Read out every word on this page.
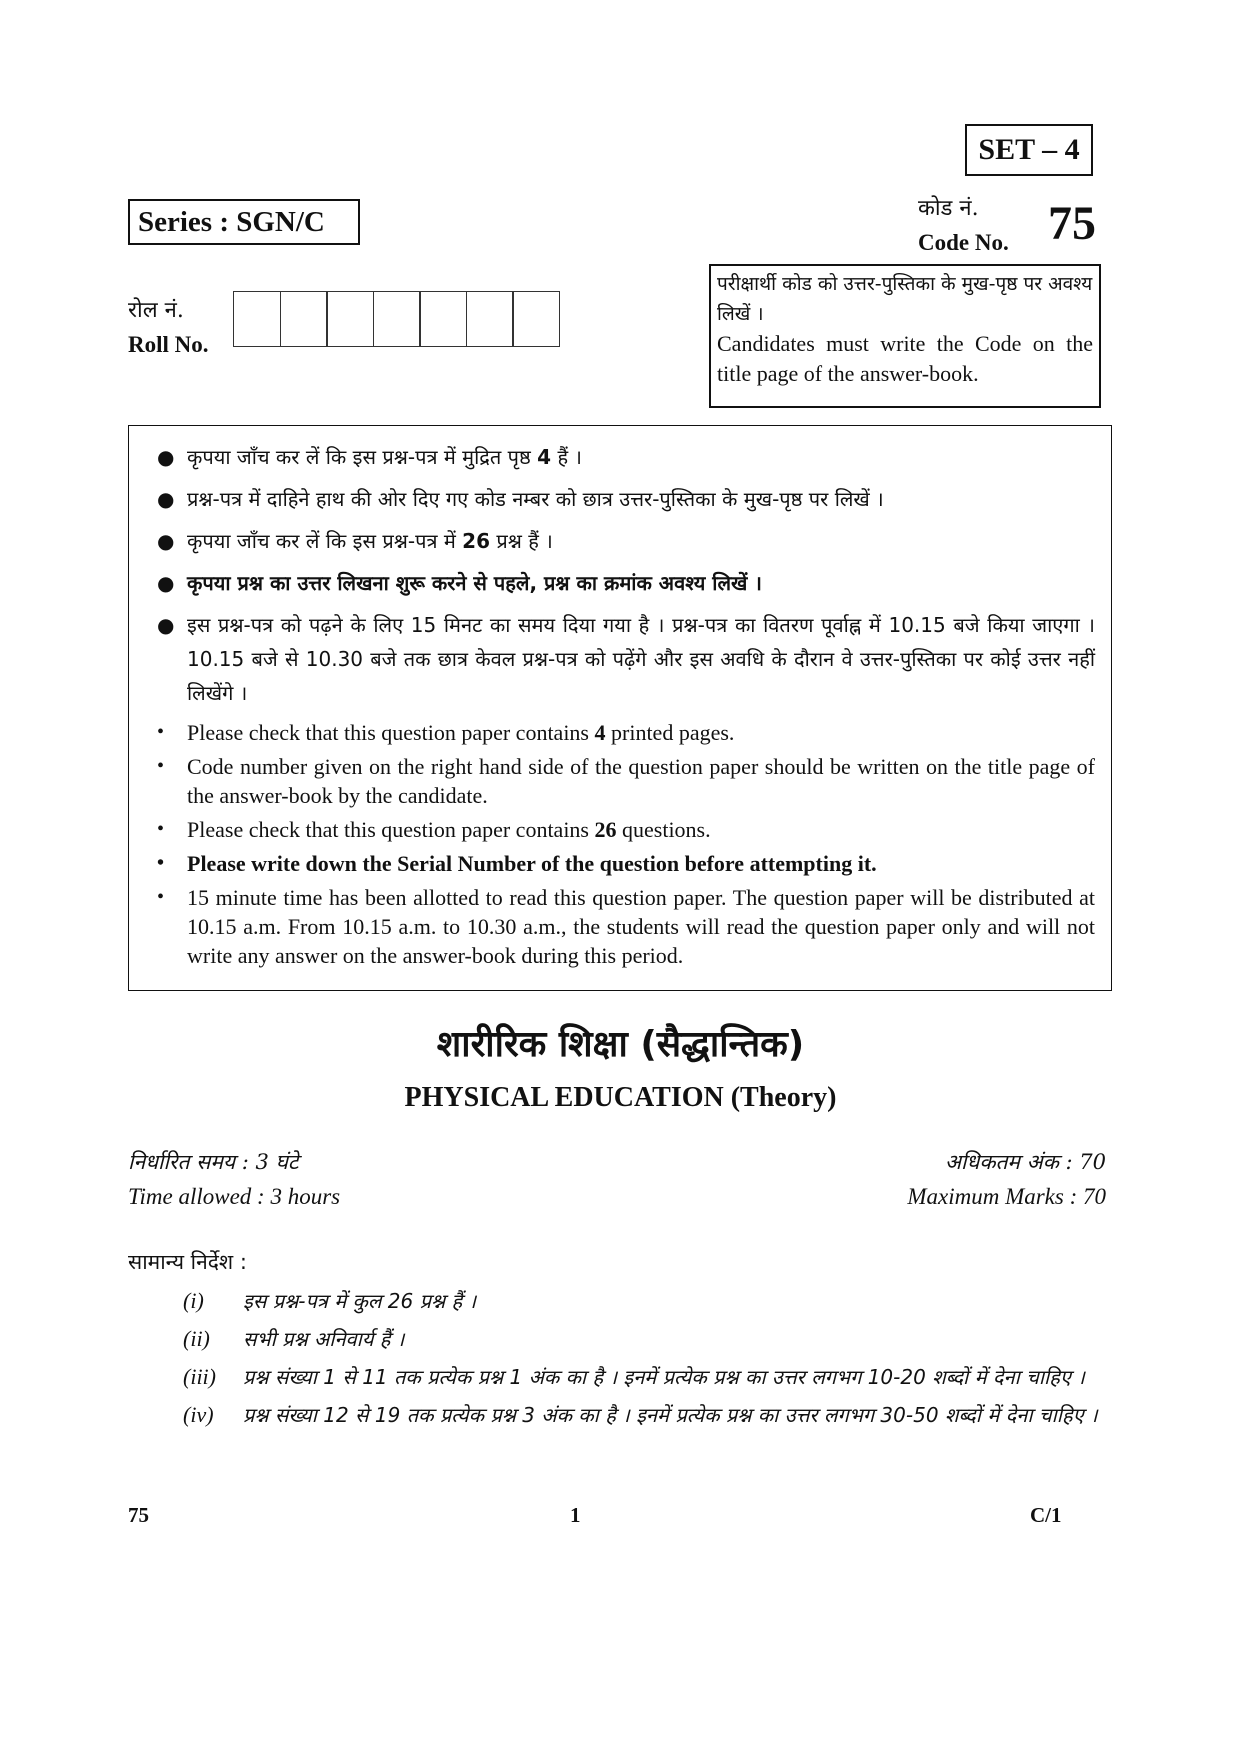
SET – 4
Series : SGN/C	कोड नं.
Code No. 75
परीक्षार्थी कोड को उत्तर-पुस्तिका के मुख-पृष्ठ पर अवश्य लिखें ।
Candidates must write the Code on the title page of the answer-book.
रोल नं.
Roll No.
● कृपया जाँच कर लें कि इस प्रश्न-पत्र में मुद्रित पृष्ठ 4 हैं ।
● प्रश्न-पत्र में दाहिने हाथ की ओर दिए गए कोड नम्बर को छात्र उत्तर-पुस्तिका के मुख-पृष्ठ पर लिखें ।
● कृपया जाँच कर लें कि इस प्रश्न-पत्र में 26 प्रश्न हैं ।
● कृपया प्रश्न का उत्तर लिखना शुरू करने से पहले, प्रश्न का क्रमांक अवश्य लिखें ।
● इस प्रश्न-पत्र को पढ़ने के लिए 15 मिनट का समय दिया गया है । प्रश्न-पत्र का वितरण पूर्वाह्न में 10.15 बजे किया जाएगा । 10.15 बजे से 10.30 बजे तक छात्र केवल प्रश्न-पत्र को पढ़ेंगे और इस अवधि के दौरान वे उत्तर-पुस्तिका पर कोई उत्तर नहीं लिखेंगे ।
• Please check that this question paper contains 4 printed pages.
• Code number given on the right hand side of the question paper should be written on the title page of the answer-book by the candidate.
• Please check that this question paper contains 26 questions.
• Please write down the Serial Number of the question before attempting it.
• 15 minute time has been allotted to read this question paper. The question paper will be distributed at 10.15 a.m. From 10.15 a.m. to 10.30 a.m., the students will read the question paper only and will not write any answer on the answer-book during this period.
शारीरिक शिक्षा (सैद्धान्तिक)
PHYSICAL EDUCATION (Theory)
निर्धारित समय : 3 घंटे
Time allowed : 3 hours
अधिकतम अंक : 70
Maximum Marks : 70
सामान्य निर्देश :
(i)	इस प्रश्न-पत्र में कुल 26 प्रश्न हैं ।
(ii)	सभी प्रश्न अनिवार्य हैं ।
(iii)	प्रश्न संख्या 1 से 11 तक प्रत्येक प्रश्न 1 अंक का है । इनमें प्रत्येक प्रश्न का उत्तर लगभग 10-20 शब्दों में देना चाहिए ।
(iv)	प्रश्न संख्या 12 से 19 तक प्रत्येक प्रश्न 3 अंक का है । इनमें प्रत्येक प्रश्न का उत्तर लगभग 30-50 शब्दों में देना चाहिए ।
75	1	C/1
